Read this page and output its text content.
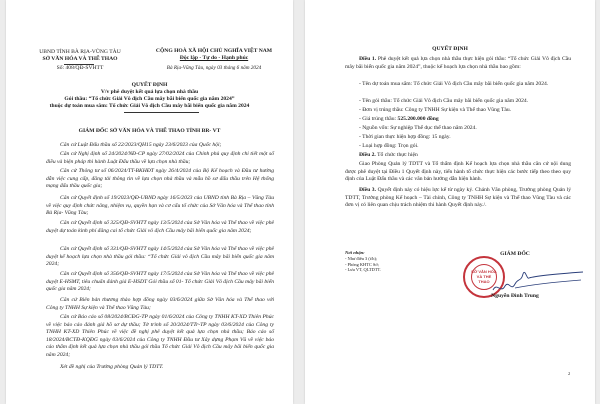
UBND TỈNH BÀ RỊA-VŨNG TÀU
SỞ VĂN HÓA VÀ THỂ THAO
Số: 408/QĐ-SVHTT
CỘNG HOÀ XÃ HỘI CHỦ NGHĨA VIỆT NAM
Độc lập - Tự do - Hạnh phúc
Bà Rịa-Vũng Tàu, ngày 03 tháng 6 năm 2024
QUYẾT ĐỊNH
V/v phê duyệt kết quả lựa chọn nhà thầu
Gói thầu: “Tổ chức Giải Vô địch Cầu mây bãi biển quốc gia năm 2024”
thuộc dự toán mua sắm: Tổ chức Giải Vô địch Cầu mây bãi biển quốc gia năm 2024
GIÁM ĐỐC SỞ VĂN HÓA VÀ THỂ THAO TỈNH BR- VT
Căn cứ Luật Đấu thầu số 22/2023/QH15 ngày 23/6/2023 của Quốc hội;
Căn cứ Nghị định số 24/2024/NĐ-CP ngày 27/02/2024 của Chính phủ quy định chi tiết một số điều và biện pháp thi hành Luật Đấu thầu về lựa chọn nhà thầu;
Căn cứ Thông tư số 06/2024/TT-BKHĐT ngày 26/4/2024 của Bộ Kế hoạch và Đầu tư hướng dẫn việc cung cấp, đăng tải thông tin về lựa chọn nhà thầu và mẫu hồ sơ đấu thầu trên Hệ thống mạng đấu thầu quốc gia;
Căn cứ Quyết định số 19/2023/QĐ-UBND ngày 16/5/2023 của UBND tỉnh Bà Rịa – Vũng Tàu về việc quy định chức năng, nhiệm vụ, quyền hạn và cơ cấu tổ chức của Sở Văn hóa và Thể thao tỉnh Bà Rịa- Vũng Tàu;
Căn cứ Quyết định số 325/QĐ-SVHTT ngày 13/5/2024 của Sở Văn hóa và Thể thao về việc phê duyệt dự toán kinh phí đăng cai tổ chức Giải vô địch Cầu mây bãi biển quốc gia năm 2024;
Căn cứ Quyết định số 331/QĐ-SVHTT ngày 14/5/2024 của Sở Văn hóa và Thể thao về việc phê duyệt kế hoạch lựa chọn nhà thầu gói thầu: “Tổ chức Giải vô địch Cầu mây bãi biển quốc gia năm 2024;
Căn cứ Quyết định số 356/QĐ-SVHTT ngày 17/5/2024 của Sở Văn hóa và Thể thao về việc phê duyệt E-HSMT, tiêu chuẩn đánh giá E-HSDT Gói thầu số 01- Tổ chức Giải Vô địch Cầu mây bãi biển quốc gia năm 2024;
Căn cứ Biên bản thương thảo hợp đồng ngày 03/6/2024 giữa Sở Văn hóa và Thể thao với Công ty TNHH Sự kiện và Thể thao Vũng Tàu;
Căn cứ Báo cáo số 08/2024/BCĐG-TP ngày 01/6/2024 của Công ty TNHH KT-XD Thiên Phúc về việc báo cáo đánh giá hồ sơ dự thầu; Tờ trình số 20/2024/TTr-TP ngày 03/6/2024 của Công ty TNHH KT-XD Thiên Phúc về việc đề nghị phê duyệt kết quả lựa chọn nhà thầu; Báo cáo số 18/2024/BCTĐ-KQĐG ngày 03/6/2024 của Công ty TNHH Đầu tư Xây dựng Phạm Vũ về việc báo cáo thẩm định kết quả lựa chọn nhà thầu gói thầu Tổ chức Giải Vô địch Cầu mây bãi biển quốc gia năm 2024;
Xét đề nghị của Trưởng phòng Quản lý TDTT.
QUYẾT ĐỊNH
Điều 1. Phê duyệt kết quả lựa chọn nhà thầu thực hiện gói thầu: “Tổ chức Giải Vô địch Cầu mây bãi biển quốc gia năm 2024”, thuộc kế hoạch lựa chọn nhà thầu bao gồm:
- Tên dự toán mua sắm: Tổ chức Giải Vô địch Cầu mây bãi biển quốc gia năm 2024.
- Tên gói thầu: Tổ chức Giải Vô địch Cầu mây bãi biển quốc gia năm 2024.
- Đơn vị trúng thầu: Công ty TNHH Sự kiện và Thể thao Vũng Tàu.
- Giá trúng thầu: 525.200.000 đồng
- Nguồn vốn: Sự nghiệp Thể dục thể thao năm 2024.
- Thời gian thực hiện hợp đồng: 15 ngày.
- Loại hợp đồng: Trọn gói.
Điều 2. Tổ chức thực hiện
Giao Phòng Quản lý TDTT và Tổ thẩm định Kế hoạch lựa chọn nhà thầu căn cứ nội dung được phê duyệt tại Điều 1 Quyết định này, tiến hành tổ chức thực hiện các bước tiếp theo theo quy định của Luật Đấu thầu và các văn bản hướng dẫn hiện hành.
Điều 3. Quyết định này có hiệu lực kể từ ngày ký. Chánh Văn phòng, Trưởng phòng Quản lý TDTT, Trưởng phòng Kế hoạch – Tài chính, Công ty TNHH Sự kiện và Thể thao Vũng Tàu và các đơn vị có liên quan chịu trách nhiệm thi hành Quyết định này./.
Nơi nhận:
- Như điều 3 (t/h);
- Phòng KHTC Sở;
- Lưu VT, QLTDTT.
GIÁM ĐỐC
SỞ VĂN HÓA VÀ THỂ THAO
Nguyễn Đình Trung
2
